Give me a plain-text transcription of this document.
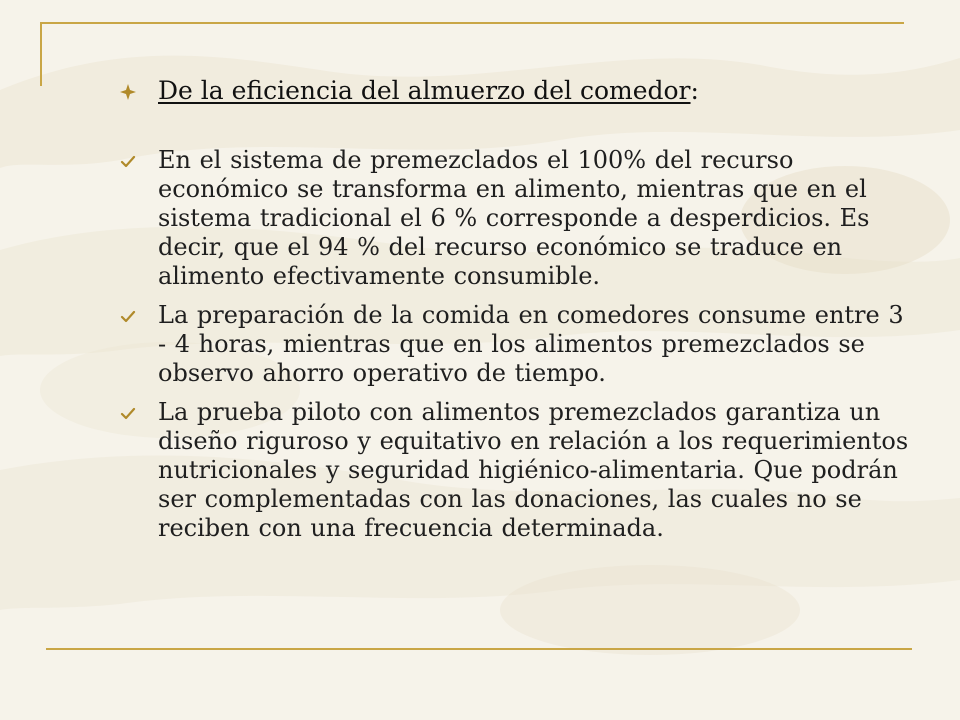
De la eficiencia del almuerzo del comedor:
En el sistema de premezclados el 100% del recurso económico se transforma en alimento, mientras que en el sistema tradicional el 6 % corresponde a desperdicios. Es decir, que el 94 % del recurso económico se traduce en alimento efectivamente consumible.
La preparación de la comida en comedores consume entre 3 - 4 horas, mientras que en los alimentos premezclados se observo ahorro operativo de tiempo.
La prueba piloto con alimentos premezclados garantiza un diseño riguroso y equitativo en relación a los requerimientos nutricionales y seguridad higiénico-alimentaria. Que podrán ser complementadas con las donaciones, las cuales no se reciben con una frecuencia determinada.
